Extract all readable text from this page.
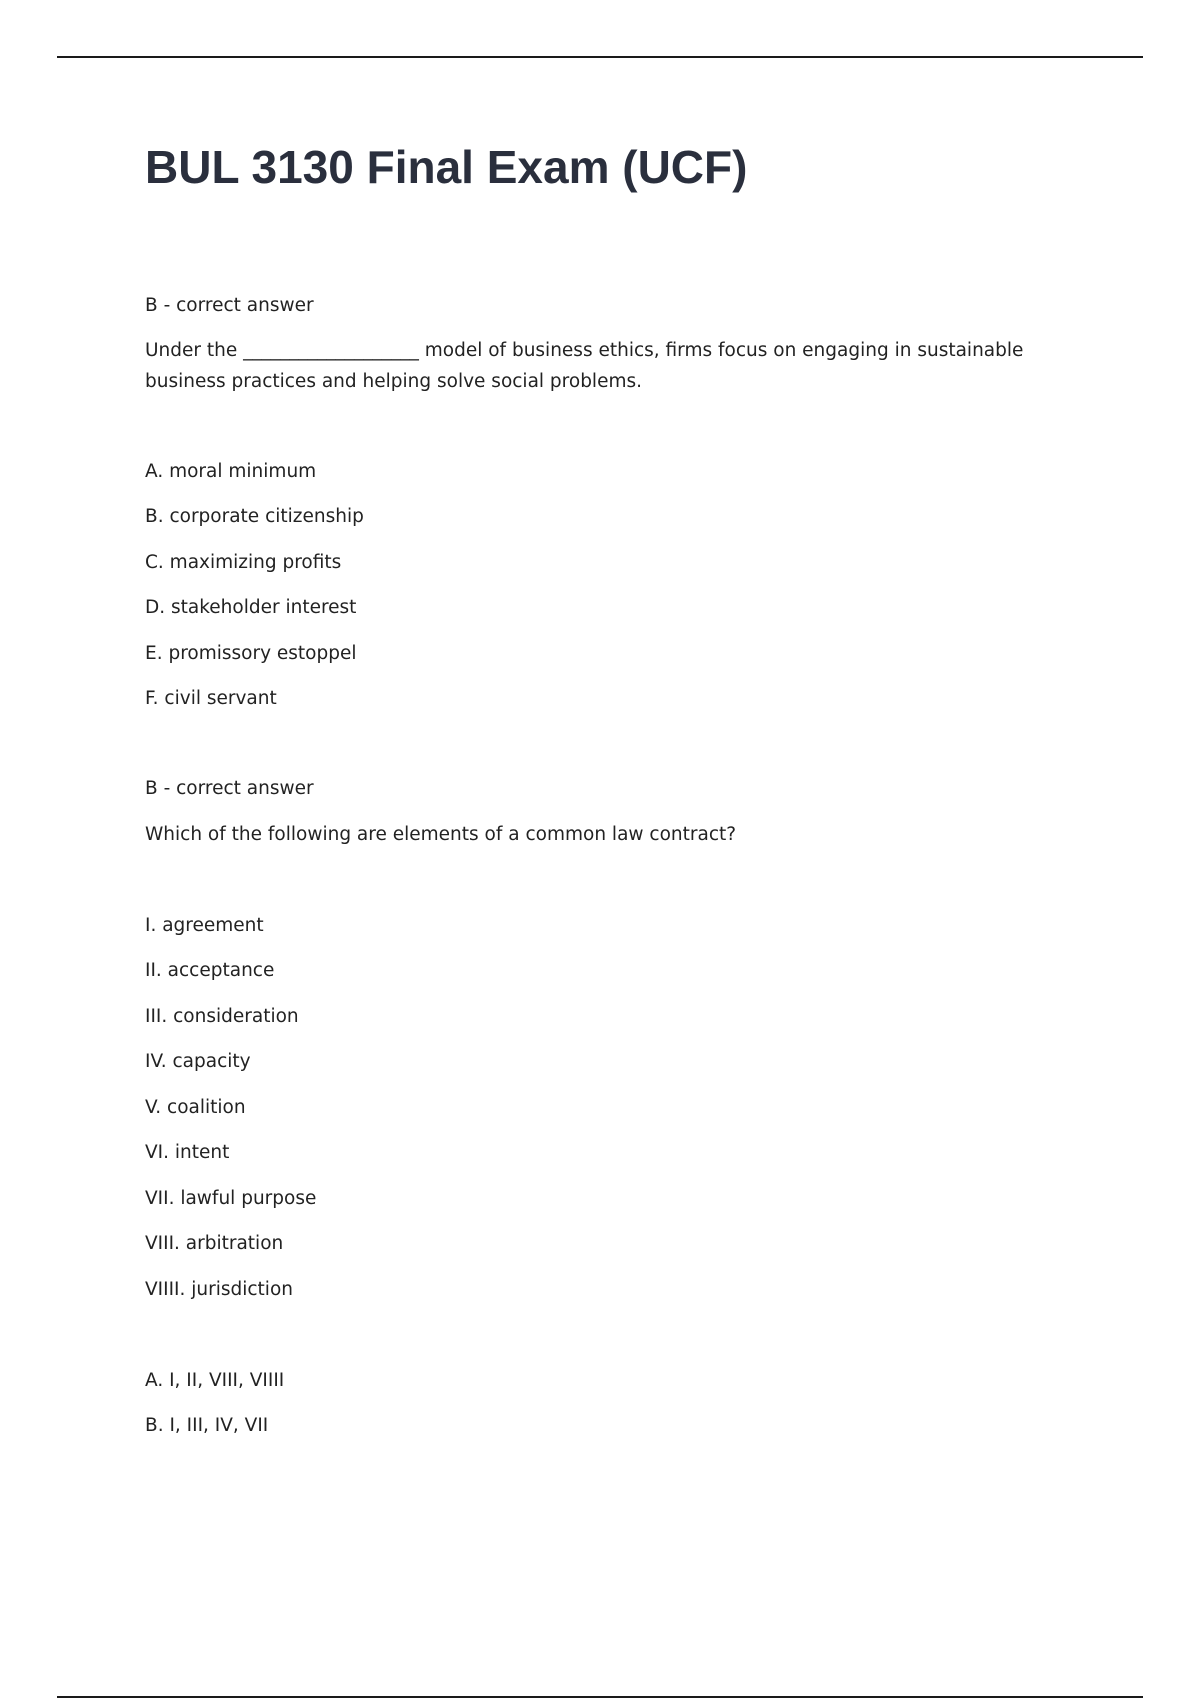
BUL 3130 Final Exam (UCF)

B - correct answer

Under the ___________________ model of business ethics, firms focus on engaging in sustainable business practices and helping solve social problems.

A. moral minimum

B. corporate citizenship

C. maximizing profits

D. stakeholder interest

E. promissory estoppel

F. civil servant

B - correct answer

Which of the following are elements of a common law contract?

I. agreement

II. acceptance

III. consideration

IV. capacity

V. coalition

VI. intent

VII. lawful purpose

VIII. arbitration

VIIII. jurisdiction

A. I, II, VIII, VIIII

B. I, III, IV, VII
